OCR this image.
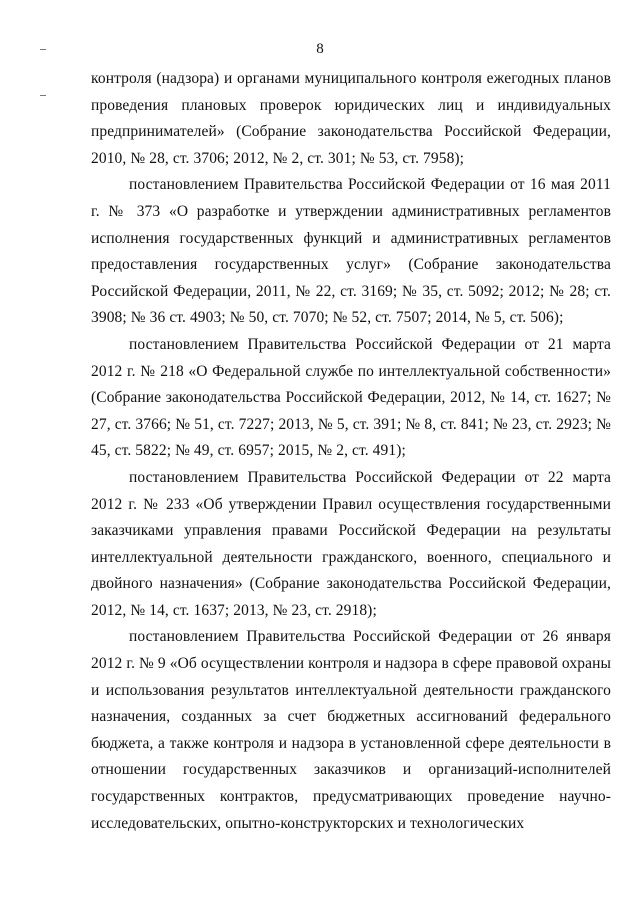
8

контроля (надзора) и органами муниципального контроля ежегодных планов проведения плановых проверок юридических лиц и индивидуальных предпринимателей» (Собрание законодательства Российской Федерации, 2010, № 28, ст. 3706; 2012, № 2, ст. 301; № 53, ст. 7958);

постановлением Правительства Российской Федерации от 16 мая 2011 г. № 373 «О разработке и утверждении административных регламентов исполнения государственных функций и административных регламентов предоставления государственных услуг» (Собрание законодательства Российской Федерации, 2011, № 22, ст. 3169; № 35, ст. 5092; 2012; № 28; ст. 3908; № 36 ст. 4903; № 50, ст. 7070; № 52, ст. 7507; 2014, № 5, ст. 506);

постановлением Правительства Российской Федерации от 21 марта 2012 г. № 218 «О Федеральной службе по интеллектуальной собственности» (Собрание законодательства Российской Федерации, 2012, № 14, ст. 1627; № 27, ст. 3766; № 51, ст. 7227; 2013, № 5, ст. 391; № 8, ст. 841; № 23, ст. 2923; № 45, ст. 5822; № 49, ст. 6957; 2015, № 2, ст. 491);

постановлением Правительства Российской Федерации от 22 марта 2012 г. № 233 «Об утверждении Правил осуществления государственными заказчиками управления правами Российской Федерации на результаты интеллектуальной деятельности гражданского, военного, специального и двойного назначения» (Собрание законодательства Российской Федерации, 2012, № 14, ст. 1637; 2013, № 23, ст. 2918);

постановлением Правительства Российской Федерации от 26 января 2012 г. № 9 «Об осуществлении контроля и надзора в сфере правовой охраны и использования результатов интеллектуальной деятельности гражданского назначения, созданных за счет бюджетных ассигнований федерального бюджета, а также контроля и надзора в установленной сфере деятельности в отношении государственных заказчиков и организаций-исполнителей государственных контрактов, предусматривающих проведение научно-исследовательских, опытно-конструкторских и технологических
